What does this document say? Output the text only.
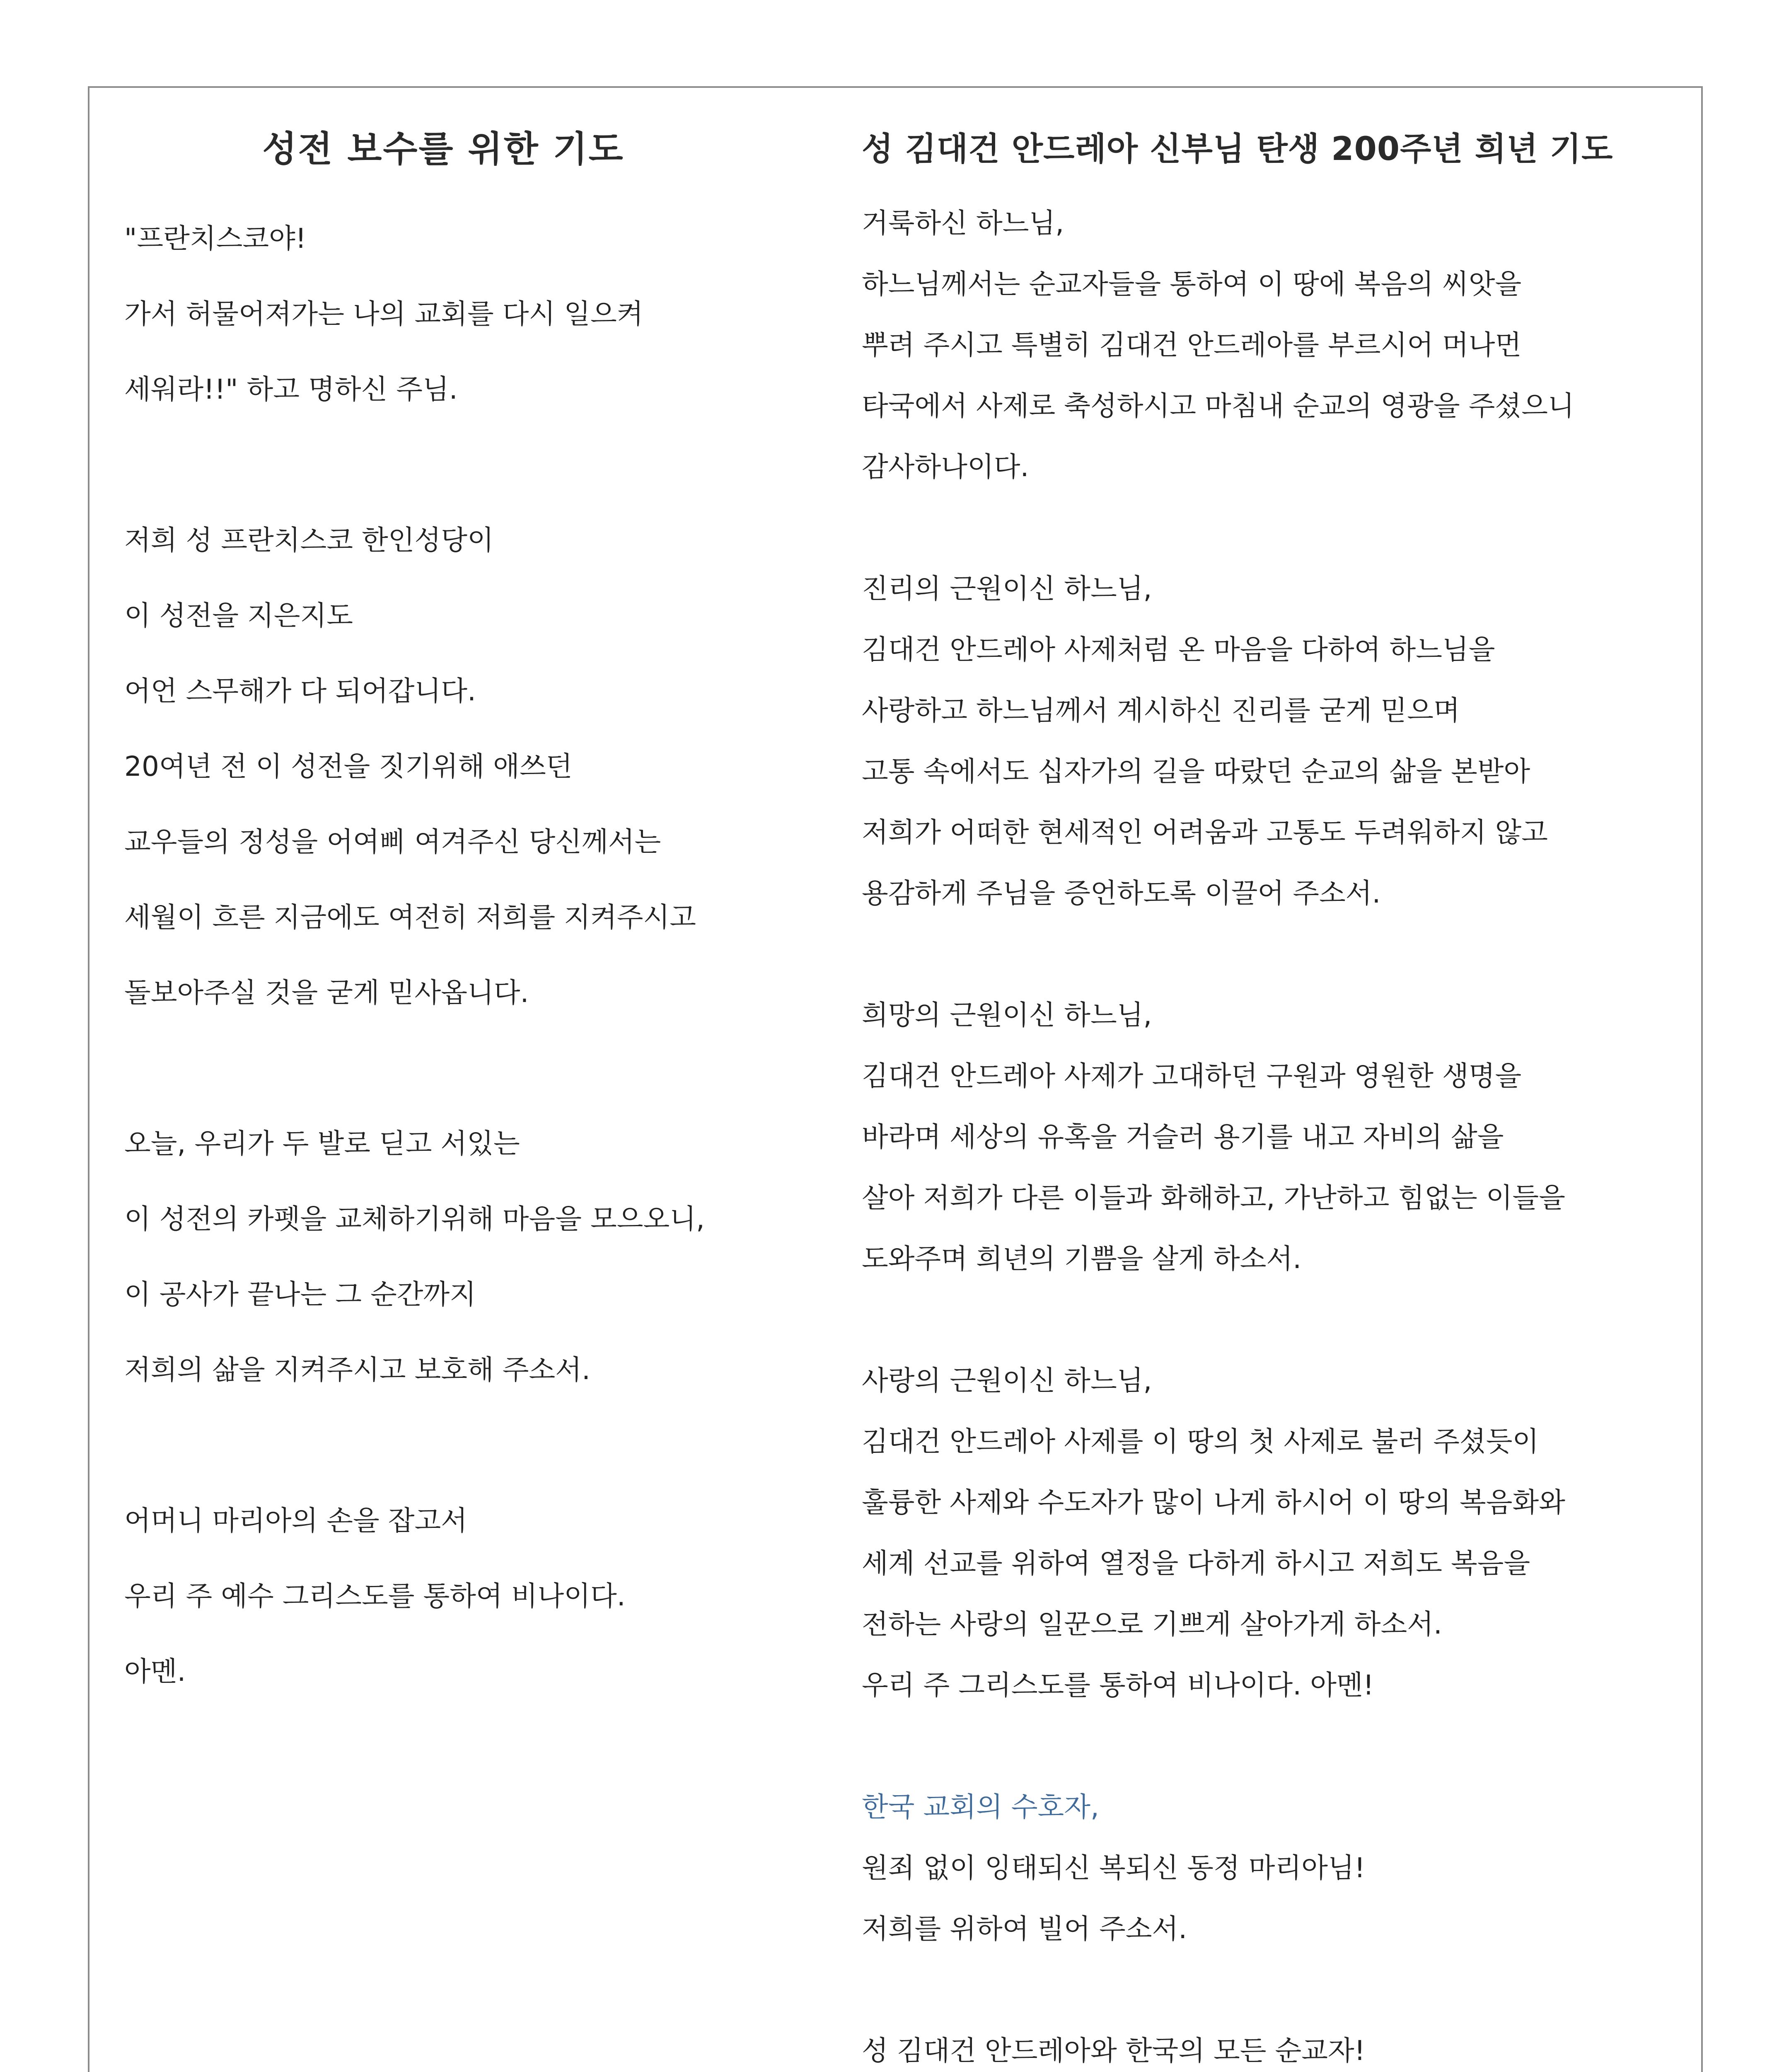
성전 보수를 위한 기도
"프란치스코야!
가서 허물어져가는 나의 교회를 다시 일으켜
세워라!!" 하고 명하신 주님.
저희 성 프란치스코 한인성당이
이 성전을 지은지도
어언 스무해가 다 되어갑니다.
20여년 전 이 성전을 짓기위해 애쓰던
교우들의 정성을 어여삐 여겨주신 당신께서는
세월이 흐른 지금에도 여전히 저희를 지켜주시고
돌보아주실 것을 굳게 믿사옵니다.
오늘, 우리가 두 발로 딛고 서있는
이 성전의 카펫을 교체하기위해 마음을 모으오니,
이 공사가 끝나는 그 순간까지
저희의 삶을 지켜주시고 보호해 주소서.
어머니 마리아의 손을 잡고서
우리 주 예수 그리스도를 통하여 비나이다.
아멘.
성 김대건 안드레아 신부님 탄생 200주년 희년 기도
거룩하신 하느님,
하느님께서는 순교자들을 통하여 이 땅에 복음의 씨앗을
뿌려 주시고 특별히 김대건 안드레아를 부르시어 머나먼
타국에서 사제로 축성하시고 마침내 순교의 영광을 주셨으니
감사하나이다.
진리의 근원이신 하느님,
김대건 안드레아 사제처럼 온 마음을 다하여 하느님을
사랑하고 하느님께서 계시하신 진리를 굳게 믿으며
고통 속에서도 십자가의 길을 따랐던 순교의 삶을 본받아
저희가 어떠한 현세적인 어려움과 고통도 두려워하지 않고
용감하게 주님을 증언하도록 이끌어 주소서.
희망의 근원이신 하느님,
김대건 안드레아 사제가 고대하던 구원과 영원한 생명을
바라며 세상의 유혹을 거슬러 용기를 내고 자비의 삶을
살아 저희가 다른 이들과 화해하고, 가난하고 힘없는 이들을
도와주며 희년의 기쁨을 살게 하소서.
사랑의 근원이신 하느님,
김대건 안드레아 사제를 이 땅의 첫 사제로 불러 주셨듯이
훌륭한 사제와 수도자가 많이 나게 하시어 이 땅의 복음화와
세계 선교를 위하여 열정을 다하게 하시고 저희도 복음을
전하는 사랑의 일꾼으로 기쁘게 살아가게 하소서.
우리 주 그리스도를 통하여 비나이다. 아멘!
한국 교회의 수호자,
원죄 없이 잉태되신 복되신 동정 마리아님!
저희를 위하여 빌어 주소서.
성 김대건 안드레아와 한국의 모든 순교자!
